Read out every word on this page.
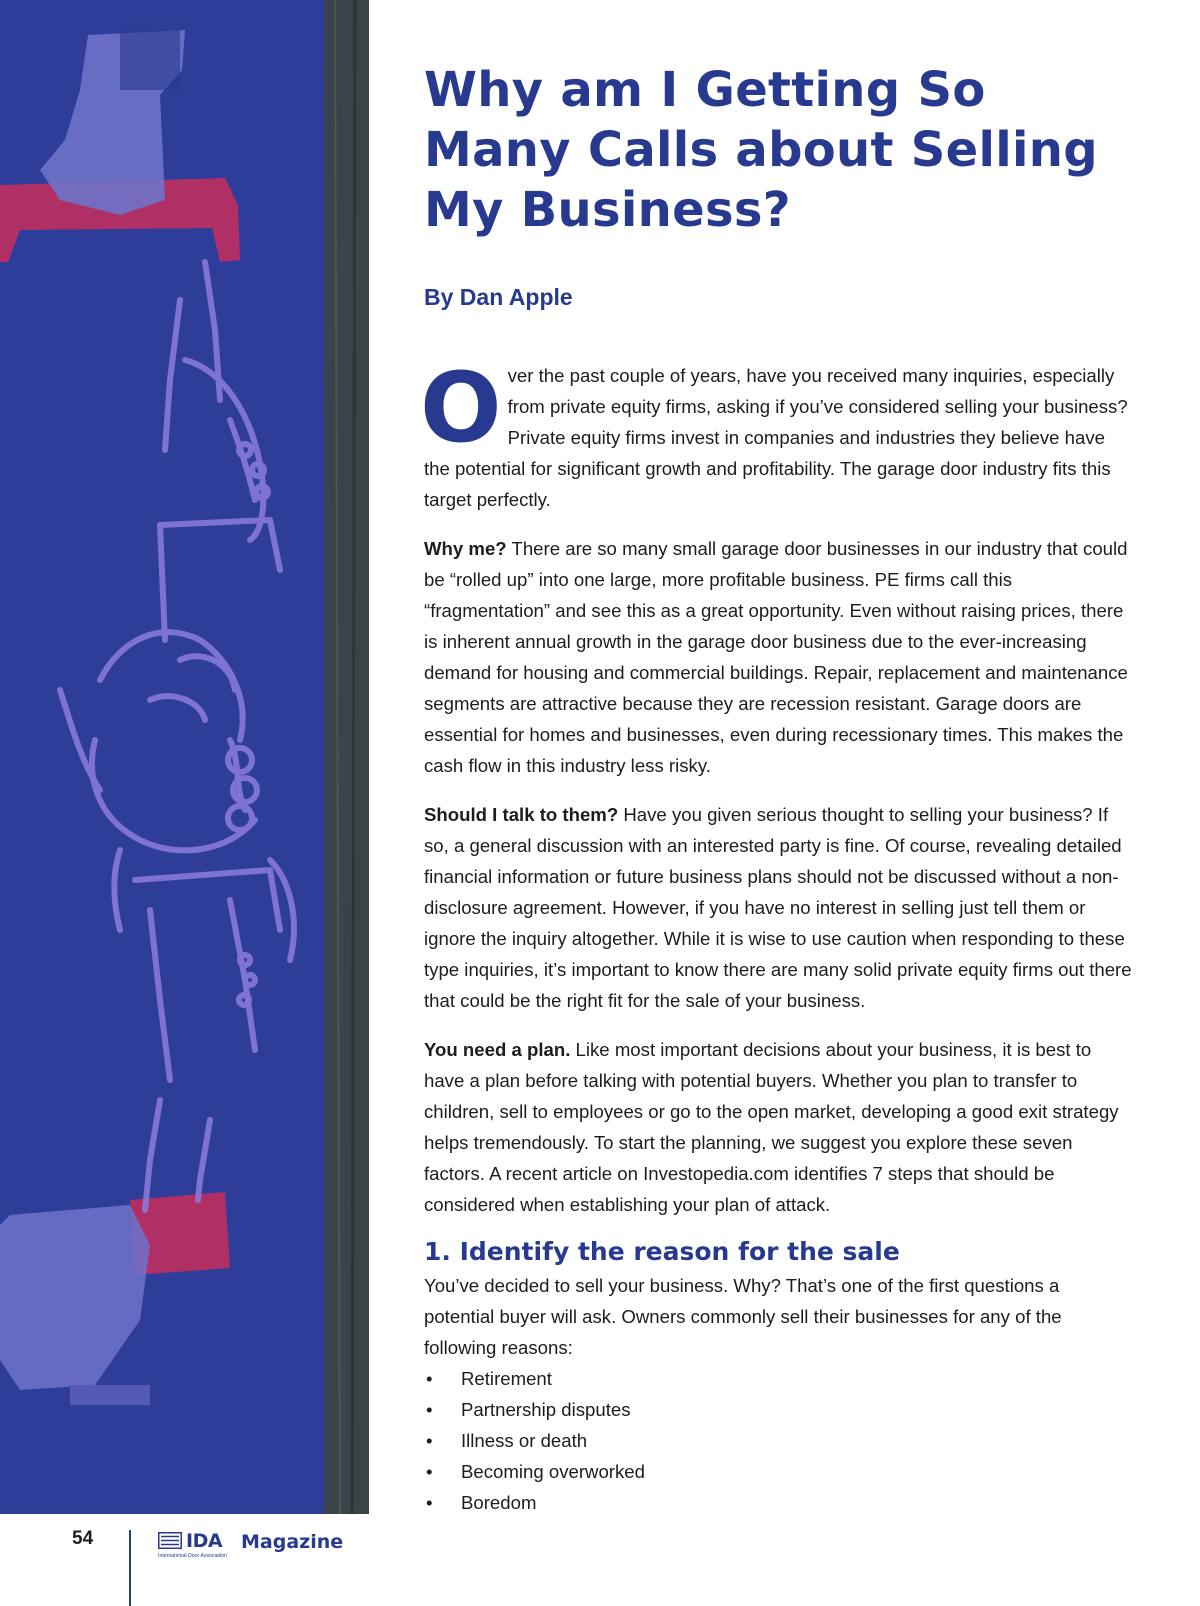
Why am I Getting So Many Calls about Selling My Business?

By Dan Apple

Over the past couple of years, have you received many inquiries, especially from private equity firms, asking if you’ve considered selling your business? Private equity firms invest in companies and industries they believe have the potential for significant growth and profitability. The garage door industry fits this target perfectly.

Why me? There are so many small garage door businesses in our industry that could be “rolled up” into one large, more profitable business. PE firms call this “fragmentation” and see this as a great opportunity. Even without raising prices, there is inherent annual growth in the garage door business due to the ever-increasing demand for housing and commercial buildings. Repair, replacement and maintenance segments are attractive because they are recession resistant. Garage doors are essential for homes and businesses, even during recessionary times. This makes the cash flow in this industry less risky.

Should I talk to them? Have you given serious thought to selling your business? If so, a general discussion with an interested party is fine. Of course, revealing detailed financial information or future business plans should not be discussed without a non-disclosure agreement. However, if you have no interest in selling just tell them or ignore the inquiry altogether. While it is wise to use caution when responding to these type inquiries, it’s important to know there are many solid private equity firms out there that could be the right fit for the sale of your business.

You need a plan. Like most important decisions about your business, it is best to have a plan before talking with potential buyers. Whether you plan to transfer to children, sell to employees or go to the open market, developing a good exit strategy helps tremendously. To start the planning, we suggest you explore these seven factors. A recent article on Investopedia.com identifies 7 steps that should be considered when establishing your plan of attack.

1. Identify the reason for the sale

You’ve decided to sell your business. Why? That’s one of the first questions a potential buyer will ask. Owners commonly sell their businesses for any of the following reasons:

• Retirement
• Partnership disputes
• Illness or death
• Becoming overworked
• Boredom
54	IDA Magazine
International Door Association
